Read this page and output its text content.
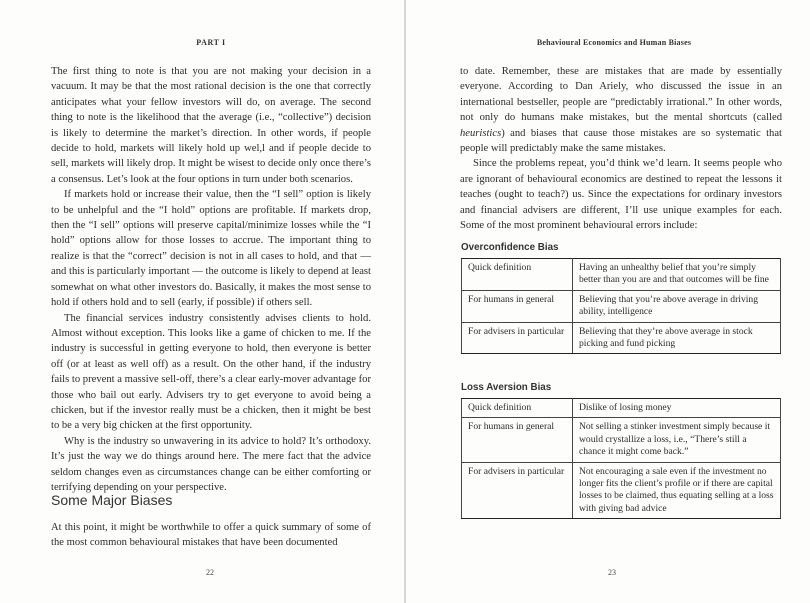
PART I

The first thing to note is that you are not making your decision in a vacuum. It may be that the most rational decision is the one that correctly anticipates what your fellow investors will do, on average. The second thing to note is the likelihood that the average (i.e., “collective”) decision is likely to determine the market’s direction. In other words, if people decide to hold, markets will likely hold up wel,l and if people decide to sell, markets will likely drop. It might be wisest to decide only once there’s a consensus. Let’s look at the four options in turn under both scenarios.

If markets hold or increase their value, then the “I sell” option is likely to be unhelpful and the “I hold” options are profitable. If markets drop, then the “I sell” options will preserve capital/minimize losses while the “I hold” options allow for those losses to accrue. The important thing to realize is that the “correct” decision is not in all cases to hold, and that — and this is particularly important — the outcome is likely to depend at least somewhat on what other investors do. Basically, it makes the most sense to hold if others hold and to sell (early, if possible) if others sell.

The financial services industry consistently advises clients to hold. Almost without exception. This looks like a game of chicken to me. If the industry is successful in getting everyone to hold, then everyone is better off (or at least as well off) as a result. On the other hand, if the industry fails to prevent a massive sell-off, there’s a clear early-mover advantage for those who bail out early. Advisers try to get everyone to avoid being a chicken, but if the investor really must be a chicken, then it might be best to be a very big chicken at the first opportunity.

Why is the industry so unwavering in its advice to hold? It’s orthodoxy. It’s just the way we do things around here. The mere fact that the advice seldom changes even as circumstances change can be either comforting or terrifying depending on your perspective.

Some Major Biases

At this point, it might be worthwhile to offer a quick summary of some of the most common behavioural mistakes that have been documented

22
Behavioural Economics and Human Biases

to date. Remember, these are mistakes that are made by essentially everyone. According to Dan Ariely, who discussed the issue in an international bestseller, people are “predictably irrational.” In other words, not only do humans make mistakes, but the mental shortcuts (called heuristics) and biases that cause those mistakes are so systematic that people will predictably make the same mistakes.

Since the problems repeat, you’d think we’d learn. It seems people who are ignorant of behavioural economics are destined to repeat the lessons it teaches (ought to teach?) us. Since the expectations for ordinary investors and financial advisers are different, I’ll use unique examples for each. Some of the most prominent behavioural errors include:

Overconfidence Bias
Quick definition	Having an unhealthy belief that you’re simply better than you are and that outcomes will be fine
For humans in general	Believing that you’re above average in driving ability, intelligence
For advisers in particular	Believing that they’re above average in stock picking and fund picking
Loss Aversion Bias
Quick definition	Dislike of losing money
For humans in general	Not selling a stinker investment simply because it would crystallize a loss, i.e., “There’s still a chance it might come back.”
For advisers in particular	Not encouraging a sale even if the investment no longer fits the client’s profile or if there are capital losses to be claimed, thus equating selling at a loss with giving bad advice
23
